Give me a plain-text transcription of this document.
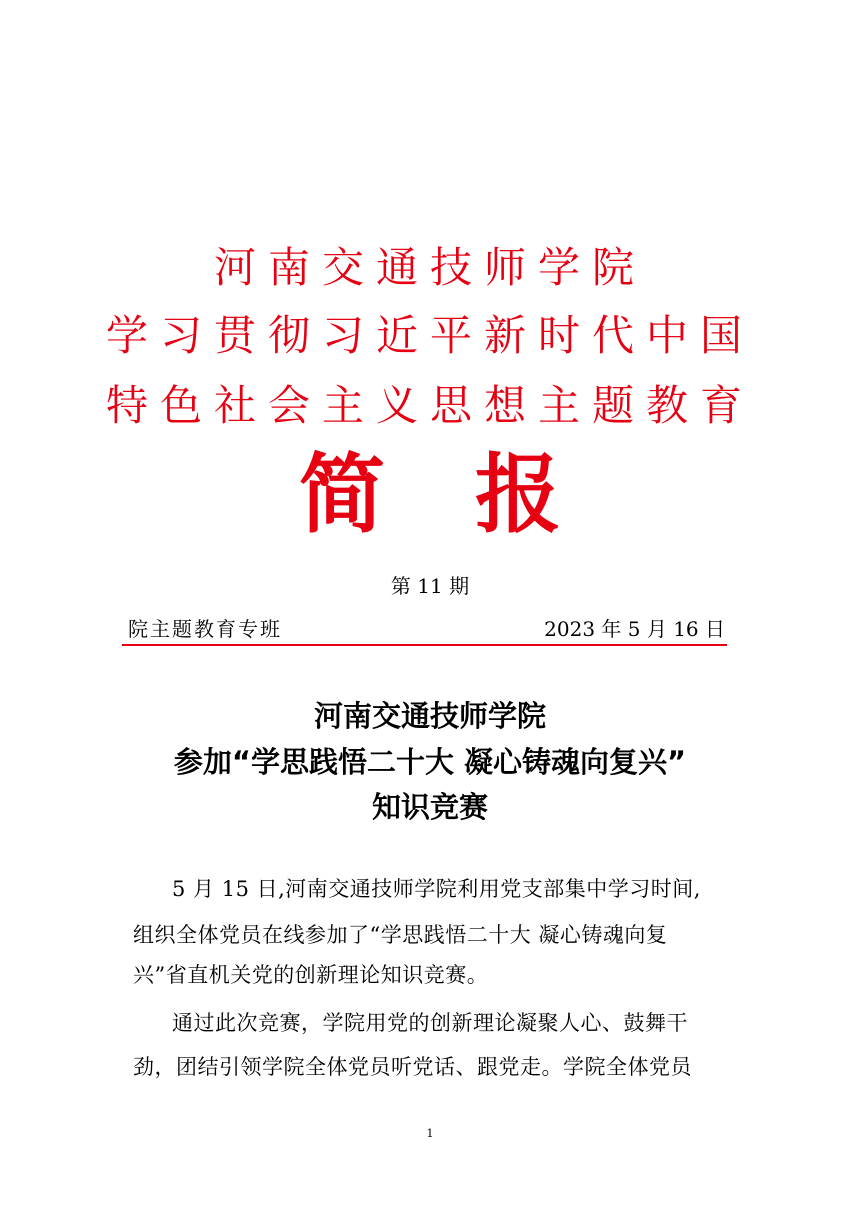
河南交通技师学院
学习贯彻习近平新时代中国
特色社会主义思想主题教育
简 报
第 11 期
院主题教育专班	2023 年 5 月 16 日
河南交通技师学院
参加“学思践悟二十大 凝心铸魂向复兴”
知识竞赛
5 月 15 日,河南交通技师学院利用党支部集中学习时间,
组织全体党员在线参加了“学思践悟二十大 凝心铸魂向复
兴”省直机关党的创新理论知识竞赛。
通过此次竞赛，学院用党的创新理论凝聚人心、鼓舞干
劲，团结引领学院全体党员听党话、跟党走。学院全体党员
1
